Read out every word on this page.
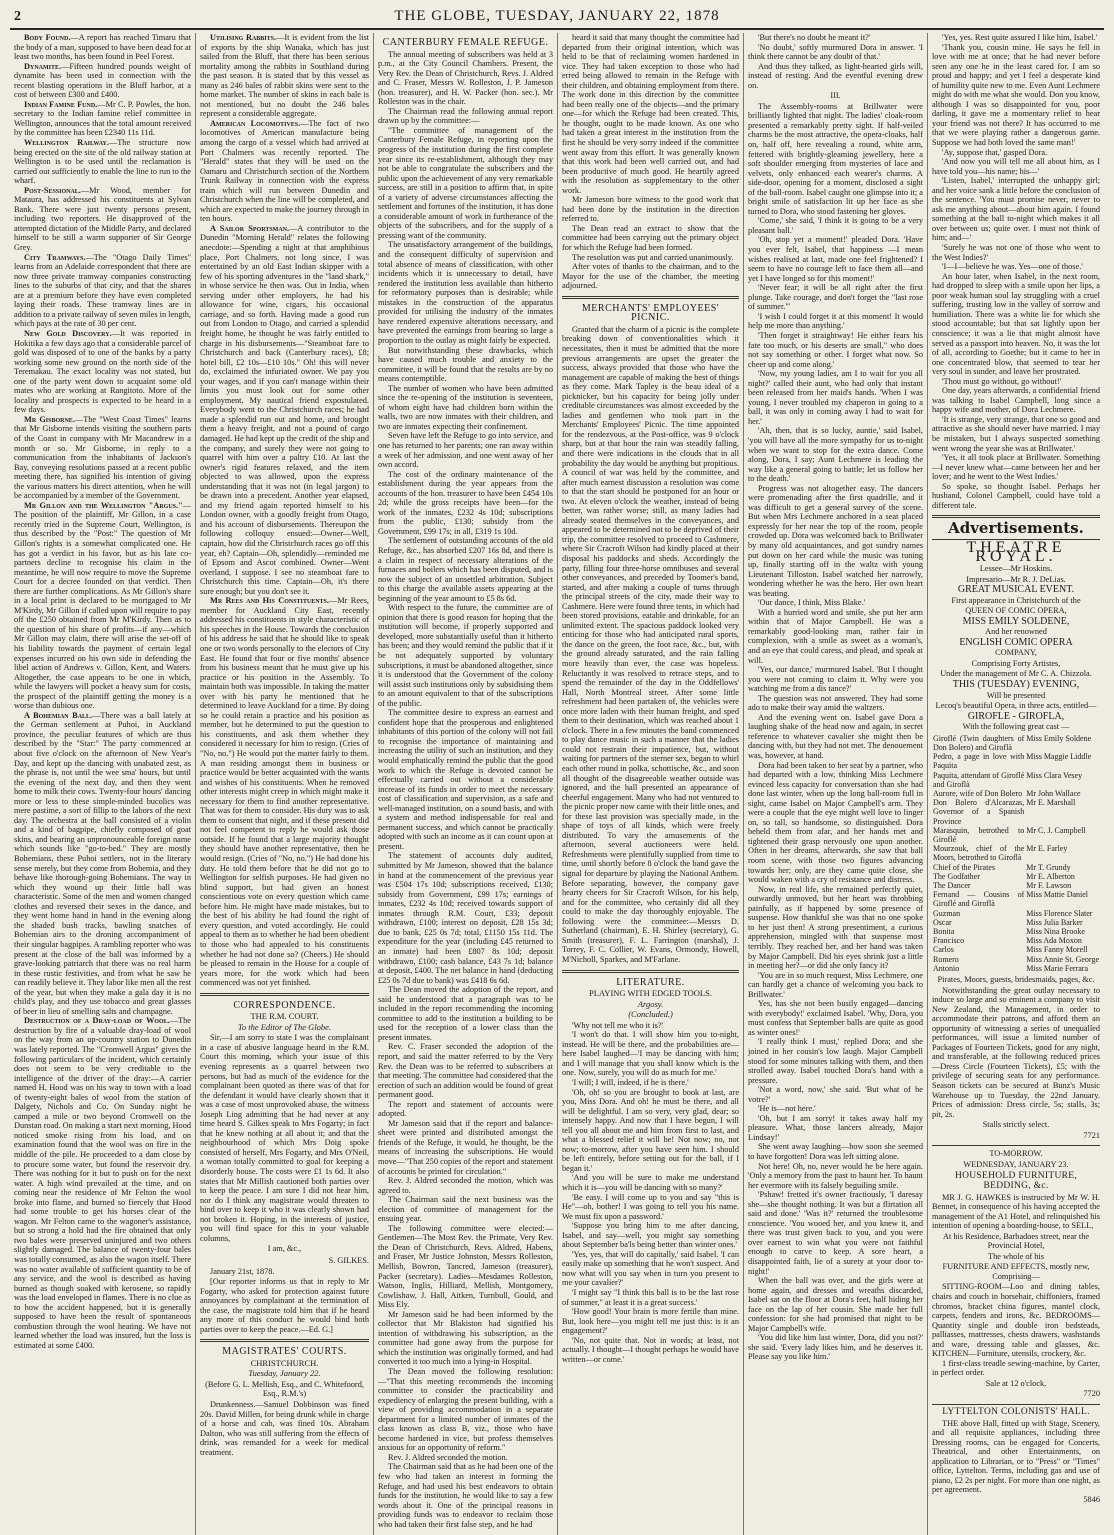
2	THE GLOBE, TUESDAY, JANUARY 22, 1878

Body Found.—A report has reached Timaru that the body of a man, supposed to have been dead for at least two months, has been found in Peel Forest.

Dynamite.—Fifteen hundred pounds weight of dynamite has been used in connection with the recent blasting operations in the Bluff harbor, at a cost of between £300 and £400.

Indian Famine Fund.—Mr C. P. Powles, the hon. secretary to the Indian famine relief committee in Wellington, announces that the total amount received by the committee has been £2340 11s 11d.

Wellington Railway.—The structure now being erected on the site of the old railway station at Wellington is to be used until the reclamation is carried out sufficiently to enable the line to run to the wharf.

Post-Sessional.—Mr Wood, member for Mataura, has addressed his constituents at Sylvan Bank. There were just twenty persons present, including two reporters. He disapproved of the attempted dictation of the Middle Party, and declared himself to be still a warm supporter of Sir George Grey.

City Tramways.—The "Otago Daily Times" learns from an Adelaide correspondent that there are now three private tramway companies constructing lines to the suburbs of that city, and that the shares are at a premium before they have even completed laying their roads. These tramway lines are in addition to a private railway of seven miles in length, which pays at the rate of 30 per cent.

New Gold Discovery.—It was reported in Hokitika a few days ago that a considerable parcel of gold was disposed of to one of the banks by a party working some new ground on the north side of the Teremakau. The exact locality was not stated, but one of the party went down to acquaint some old mates who are working at Rangitoto. More of the locality and prospects is expected to be heard in a few days.

Mr Gisborne.—The "West Coast Times" learns that Mr Gisborne intends visiting the southern parts of the Coast in company with Mr Macandrew in a month or so. Mr Gisborne, in reply to a communication from the inhabitants of Jackson's Bay, conveying resolutions passed at a recent public meeting there, has signified his intention of giving the various matters his direct attention, when he will be accompanied by a member of the Government.

Mr Gillon and the Wellington "Argus."—The position of the plaintiff, Mr Gillon, in a case recently tried in the Supreme Court, Wellington, is thus described by the "Post:" The question of Mr Gillon's rights is a somewhat complicated one. He has got a verdict in his favor, but as his late co-partners decline to recognise his claim in the meantime, he will now require to move the Supreme Court for a decree founded on that verdict. Then there are further complications. As Mr Gillon's share in a local print is declared to be mortgaged to Mr M'Kirdy, Mr Gillon if called upon will require to pay off the £250 obtained from Mr M'Kirdy. Then as to the question of his share of profits—if any—which Mr Gillon may claim, there will arise the set-off of his liability towards the payment of certain legal expenses incurred on his own side in defending the libel action of Andrews v. Gillon, Kent, and Waters. Altogether, the case appears to be one in which, while the lawyers will pocket a heavy sum for costs, the prospect of the plaintiff getting the money is a worse than dubious one.

A Bohemian Ball.—There was a ball lately at the German settlement at Puhoi, in Auckland province, the peculiar features of which are thus described by the "Star:" The party commenced at about five o'clock on the afternoon of New Year's Day, and kept up the dancing with unabated zest, as the phrase is, not until the wee sma' hours, but until the evening of the next day, and then they went home to milk their cows. Twenty-four hours' dancing more or less to these simple-minded bucolics was mere pastime, a sort of fillip to the labors of the next day. The orchestra at the ball consisted of a violin and a kind of bagpipe, chiefly composed of goat skins, and bearing an unpronounceable foreign name which sounds like "go-to-bed." They are mostly Bohemians, these Puhoi settlers, not in the literary sense merely, but they come from Bohemia, and they behave like thorough-going Bohemians. The way in which they wound up their little ball was characteristic. Some of the men and women changed clothes and reversed their sexes in the dance, and they went home hand in hand in the evening along the shaded bush tracks, bawling snatches of Bohemian airs to the droning accompaniment of their singular bagpipes. A rambling reporter who was present at the close of the ball was informed by a grave-looking patriarch that there was no real harm in these rustic festivities, and from what he saw he can readily believe it. They labor like men all the rest of the year, but when they make a gala day it is no child's play, and they use tobacco and great glasses of beer in lieu of smelling salts and champagne.

Destruction of a Dray-load of Wool.—The destruction by fire of a valuable dray-load of wool on the way from an up-country station to Dunedin was lately reported. The "Cromwell Argus" gives the following particulars of the incident, which certainly does not seem to be very creditable to the intelligence of the driver of the dray:—A carrier named H. Hood was on his way to town with a load of twenty-eight bales of wool from the station of Dalgety, Nichols and Co. On Sunday night he camped a mile or two beyond Cromwell on the Dunstan road. On making a start next morning, Hood noticed smoke rising from his load, and on examination found that the wool was on fire in the middle of the pile. He proceeded to a dam close by to procure some water, but found the reservoir dry. There was nothing for it but to push on for the next water. A high wind prevailed at the time, and on coming near the residence of Mr Felton the wool broke into flame, and burned so fiercely that Hood had some trouble to get his horses clear of the wagon. Mr Felton came to the wagoner's assistance, but so strong a hold had the fire obtained that only two bales were preserved uninjured and two others slightly damaged. The balance of twenty-four bales was totally consumed, as also the wagon itself. There was no water available of sufficient quantity to be of any service, and the wool is described as having burned as though soaked with kerosene, so rapidly was the load enveloped in flames. There is no clue as to how the accident happened, but it is generally supposed to have been the result of spontaneous combustion through the wool heating. We have not learned whether the load was insured, but the loss is estimated at some £400.

Utilising Rabbits.—It is evident from the list of exports by the ship Wanaka, which has just sailed from the Bluff, that there has been serious mortality among the rabbits in Southland during the past season. It is stated that by this vessel as many as 246 bales of rabbit skins were sent to the home market. The number of skins in each bale is not mentioned, but no doubt the 246 bales represent a considerable aggregate.

American Locomotives.—The fact of two locomotives of American manufacture being among the cargo of a vessel which had arrived at Port Chalmers was recently reported. The "Herald" states that they will be used on the Oamaru and Christchurch section of the Northern Trunk Railway in connection with the express train which will run between Dunedin and Christchurch when the line will be completed, and which are expected to make the journey through in ten hours.

A Sailor Sportsman.—A contributor to the Dunedin "Morning Herald" relates the following anecdote:—Spending a night at that amphibious place, Port Chalmers, not long since, I was entertained by an old East Indian skipper with a few of his sporting adventures in the "land shark," in whose service he then was. Out in India, when serving under other employers, he had his allowance for wine, cigars, his occasional carriage, and so forth. Having made a good run out from London to Otago, and carried a splendid freight home, he thought he was fairly entitled to charge in his disbursements—"Steamboat fare to Christchurch and back (Canterbury races), £8; hotel bill, £2 10s—£10 10s." Oh! this will never do, exclaimed the infuriated owner. We pay you your wages, and if you can't manage within their limits you must look out for some other employment. My nautical friend expostulated. Everybody went to the Christchurch races; he had made a splendid run out and home, and brought them a heavy freight, and not a pound of cargo damaged. He had kept up the credit of the ship and the company, and surely they were not going to quarrel with him over a paltry £10. At last the owner's rigid features relaxed, and the item objected to was allowed, upon the express understanding that it was not (in legal jargon) to be drawn into a precedent. Another year elapsed, and my friend again reported himself to his London owner, with a goodly freight from Otago, and his account of disbursements. Thereupon the following colloquy ensued:—Owner—Well, captain, how did the Christchurch races go off this year, eh? Captain—Oh, splendidly—reminded me of Epsom and Ascot combined. Owner—Went overland, I suppose. I see no steamboat fare to Christchurch this time. Captain—Oh, it's there sure enough; but you don't see it.

Mr Rees and His Constituents.—Mr Rees, member for Auckland City East, recently addressed his constituents in style characteristic of his speeches in the House. Towards the conclusion of his address he said that he should like to speak one or two words personally to the electors of City East. He found that four or five months' absence from his business meant that he must give up his practice or his position in the Assembly. To maintain both was impossible. In taking the matter over with his party he mentioned that he determined to leave Auckland for a time. By doing so he could retain a practice and his position as member, but he determined to put the question to his constituents, and ask them whether they considered it necessary for him to resign. (Cries of "No, no.") He would put the matter fairly to them. A man residing amongst them in business or practice would be better acquainted with the wants and wishes of his constituents. When he removed other interests might creep in which might make it necessary for them to find another representative. That was for them to consider. His duty was to ask them to consent that night, and if these present did not feel competent to reply he would ask those outside. If he found that a large majority thought they should have another representative, then he would resign. (Cries of "No, no.") He had done his duty. He told them before that he did not go to Wellington for selfish purposes. He had given no blind support, but had given an honest conscientious vote on every question which came before him. He might have made mistakes, but to the best of his ability he had found the right of every question, and voted accordingly. He could appeal to them as to whether he had been obedient to those who had appealed to his constituents whether he had not done so? (Cheers.) He should be pleased to remain in the House for a couple of years more, for the work which had been commenced was not yet finished.

CORRESPONDENCE.
THE R.M. COURT.
To the Editor of The Globe.

Sir,—I am sorry to state I was the complainant in a case of abusive language heard in the R.M. Court this morning, which your issue of this evening represents as a quarrel between two persons, but had as much of the evidence for the complainant been quoted as there was of that for the defendant it would have clearly shown that it was a case of most unprovoked abuse, the witness Joseph Ling admitting that he had never at any time heard S. Gilkes speak to Mrs Fogarty; in fact that he knew nothing at all about it; and that the neighbourhood of which Mrs Doig spoke consisted of herself, Mrs Fogarty, and Mrs O'Neil, a woman totally committed to goal for keeping a disorderly house. The costs were £1 1s 6d. It also states that Mr Millish cautioned both parties over to keep the peace. I am sure I did not hear him, nor do I think any magistrate would threaten to bind over to keep it who it was clearly shown had not broken it. Hoping, in the interests of justice, you will find space for this in your valuable columns,

I am, &c.,
S. GILKES.

January 21st, 1878.

[Our reporter informs us that in reply to Mr Fogarty, who asked for protection against future annoyances by complainant at the termination of the case, the magistrate told him that if he heard any more of this conduct he would bind both parties over to keep the peace.—Ed. G.]

MAGISTRATES' COURTS.
CHRISTCHURCH.
Tuesday, January 22.
(Before G. L. Mellish, Esq., and C. Whitefoord, Esq., R.M.'s)

Drunkenness.—Samuel Dobbinson was fined 20s. David Millen, for being drunk while in charge of a horse and cab, was fined 10s. Abraham Dalton, who was still suffering from the effects of drink, was remanded for a week for medical treatment.

CANTERBURY FEMALE REFUGE.

The annual meeting of subscribers was held at 3 p.m., at the City Council Chambers. Present, the Very Rev. the Dean of Christchurch, Revs. J. Aldred and C. Fraser, Messrs W. Rolleston, J. P. Jameson (hon. treasurer), and H. W. Packer (hon. sec.). Mr Rolleston was in the chair.

The Chairman read the following annual report drawn up by the committee:—

"The committee of management of the Canterbury Female Refuge, in reporting upon the progress of the institution during the first complete year since its re-establishment, although they may not be able to congratulate the subscribers and the public upon the achievement of any very remarkable success, are still in a position to affirm that, in spite of a variety of adverse circumstances affecting the settlement and fortunes of the institution, it has done a considerable amount of work in furtherance of the objects of the subscribers, and for the supply of a pressing want of the community.

The unsatisfactory arrangement of the buildings, and the consequent difficulty of supervision and total absence of means of classification, with other incidents which it is unnecessary to detail, have rendered the institution less available than hitherto for reformatory purposes than is desirable; while mistakes in the construction of the apparatus provided for utilising the industry of the inmates have rendered expensive alterations necessary, and have prevented the earnings from bearing so large a proportion to the outlay as might fairly be expected.

But notwithstanding these drawbacks, which have caused much trouble and anxiety to the committee, it will be found that the results are by no means contemptible.

The number of women who have been admitted since the re-opening of the institution is seventeen, of whom eight have had children born within the walls, two are now inmates with their children, and two are inmates expecting their confinement.

Seven have left the Refuge to go into service, and one has returned to her parents; one ran away within a week of her admission, and one went away of her own accord.

The cost of the ordinary maintenance of the establishment during the year appears from the accounts of the hon. treasurer to have been £454 10s 2d; while the gross receipts have been—for the work of the inmates, £232 4s 10d; subscriptions from the public, £130; subsidy from the Government, £99 17s; in all, £319 1s 10d.

The settlement of outstanding accounts of the old Refuge, &c., has absorbed £207 16s 8d, and there is a claim in respect of necessary alterations of the furnaces and boilers which has been disputed, and is now the subject of an unsettled arbitration. Subject to this charge the available assets appearing at the beginning of the year amount to £5 8s 6d.

With respect to the future, the committee are of opinion that there is good reason for hoping that the institution will become, if properly supported and developed, more substantially useful than it hitherto has been; and they would remind the public that if it be not adequately supported by voluntary subscriptions, it must be abandoned altogether, since it is understood that the Government of the colony will assist such institutions only by subsidising them to an amount equivalent to that of the subscriptions of the public.

The committee desire to express an earnest and confident hope that the prosperous and enlightened inhabitants of this portion of the colony will not fail to recognise the importance of maintaining and increasing the utility of such an institution, and they would emphatically remind the public that the good work to which the Refuge is devoted cannot be effectually carried out without a considerable increase of its funds in order to meet the necessary cost of classification and supervision, as a safe and well-managed institution, on a sound basis, and with a system and method indispensable for real and permanent success, and which cannot be practically adopted with such an income as it can count upon at present.

The statement of accounts duly audited, submitted by Mr Jameson, showed that the balance in hand at the commencement of the previous year was £504 17s 10d; subscriptions received, £130; subsidy from Government, £99 17s; earnings of inmates, £232 4s 10d; received towards support of inmates through R.M. Court, £33; deposit withdrawn, £100; interest on deposit, £28 15s 3d; due to bank, £25 0s 7d; total, £1150 15s 11d. The expenditure for the year (including £45 returned to an inmate) had been £807 8s 10d; deposit withdrawn, £100; cash balance, £43 7s 1d; balance at deposit, £400. The net balance in hand (deducting £25 0s 7d due to bank) was £418 6s 6d.

The Dean moved the adoption of the report, and said he understood that a paragraph was to be included in the report recommending the incoming committee to add to the institution a building to be used for the reception of a lower class than the present inmates.

Rev. C. Fraser seconded the adoption of the report, and said the matter referred to by the Very Rev. the Dean was to be referred to subscribers at that meeting. The committee had considered that the erection of such an addition would be found of great permanent good.

The report and statement of accounts were adopted.

Mr Jameson said that if the report and balance-sheet were printed and distributed amongst the friends of the Refuge, it would, he thought, be the means of increasing the subscriptions. He would move—"That 250 copies of the report and statement of accounts be printed for circulation."

Rev. J. Aldred seconded the motion, which was agreed to.

The Chairman said the next business was the election of committee of management for the ensuing year.

The following committee were elected:—Gentlemen—The Most Rev. the Primate, Very Rev. the Dean of Christchurch, Revs. Aldred, Habens, and Fraser, Mr Justice Johnston, Messrs Rolleston, Mellish, Bowron, Tancred, Jameson (treasurer), Packer (secretary). Ladies—Mesdames Rolleston, Watson, Inglis, Hilliard, Mellish, Montgomery, Cowlishaw, J. Hall, Aitken, Turnbull, Gould, and Miss Ely.

Mr Jameson said he had been informed by the collector that Mr Blakiston had signified his intention of withdrawing his subscription, as the committee had gone away from the purpose for which the institution was originally formed, and had converted it too much into a lying-in Hospital.

The Dean moved the following resolution:—"That this meeting recommends the incoming committee to consider the practicability and expediency of enlarging the present building, with a view of providing accommodation in a separate department for a limited number of inmates of the class known as class B, viz., those who have become hardened in vice, but profess themselves anxious for an opportunity of reform."

Rev. J. Aldred seconded the motion.

The Chairman said that as he had been one of the few who had taken an interest in forming the Refuge, and had used his best endeavors to obtain funds for the institution, he would like to say a few words about it. One of the principal reasons in providing funds was to endeavor to reclaim those who had taken their first false step, and he had

heard it said that many thought the committee had departed from their original intention, which was held to be that of reclaiming women hardened in vice. They had taken exception to those who had erred being allowed to remain in the Refuge with their children, and obtaining employment from there. The work done in this direction by the committee had been really one of the objects—and the primary one—for which the Refuge had been created. This, he thought, ought to be made known. As one who had taken a great interest in the institution from the first he should be very sorry indeed if the committee went away from this effort. It was generally known that this work had been well carried out, and had been productive of much good. He heartily agreed with the resolution as supplementary to the other work.

Mr Jameson bore witness to the good work that had been done by the institution in the direction referred to.

The Dean read an extract to show that the committee had been carrying out the primary object for which the Refuge had been formed.

The resolution was put and carried unanimously.

After votes of thanks to the chairman, and to the Mayor for the use of the chamber, the meeting adjourned.

MERCHANTS' EMPLOYEES' PICNIC.

Granted that the charm of a picnic is the complete breaking down of conventionalities which it necessitates, then it must be admitted that the more previous arrangements are upset the greater the success, always provided that those who have the management are capable of making the best of things as they come. Mark Tapley is the beau ideal of a picknicker, but his capacity for being jolly under creditable circumstances was almost exceeded by the ladies and gentlemen who took part in the Merchants' Employees' Picnic. The time appointed for the rendezvous, at the Post-office, was 9 o'clock sharp, but at that hour the rain was steadily falling, and there were indications in the clouds that in all probability the day would be anything but propitious. A council of war was held by the committee, and after much earnest discussion a resolution was come to that the start should be postponed for an hour or two. At eleven o'clock the weather, instead of being better, was rather worse; still, as many ladies had already seated themselves in the conveyances, and appeared to be determined not to be deprived of their trip, the committee resolved to proceed to Cashmere, where Sir Cracroft Wilson had kindly placed at their disposal his paddocks and sheds. Accordingly the party, filling four three-horse omnibuses and several other conveyances, and preceded by Toomer's band, started, and after making a couple of turns through the principal streets of the city, made their way to Cashmere. Here were found three tents, in which had been stored provisions, eatable and drinkable, for an unlimited extent. The spacious paddock looked very enticing for those who had anticipated rural sports, the dance on the green, the foot race, &c., but, with the ground already saturated, and the rain falling more heavily than ever, the case was hopeless. Reluctantly it was resolved to retrace steps, and to spend the remainder of the day in the Oddfellows' Hall, North Montreal street. After some little refreshment had been partaken of, the vehicles were once more laden with their human freight, and sped them to their destination, which was reached about 1 o'clock. There in a few minutes the band commenced to play dance music in such a manner that the ladies could not restrain their impatience, but, without waiting for partners of the sterner sex, began to whirl each other round in polka, schottische, &c., and soon all thought of the disagreeable weather outside was ignored, and the hall presented an appearance of cheerful engagement. Many who had not ventured to the picnic proper now came with their little ones, and for these last provision was specially made, in the shape of toys of all kinds, which were freely distributed. To vary the amusements of the afternoon, several auctioneers were held. Refreshments were plentifully supplied from time to time, until shortly before 8 o'clock the band gave the signal for departure by playing the National Anthem. Before separating, however, the company gave hearty cheers for Sir Cracroft Wilson, for his help, and for the committee, who certainly did all they could to make the day thoroughly enjoyable. The following were the committee:—Messrs D. Sutherland (chairman), E. H. Shirley (secretary), G. Smith (treasurer), F. L. Farrington (marshal), J. Torrey, F. C. Collier, W. Evans, Ormondy, Howell, M'Nicholl, Sparkes, and M'Farlane.

LITERATURE.
PLAYING WITH EDGED TOOLS.
Argosy.
(Concluded.)

'Why not tell me who it is?'

'I won't do that. I will show him you to-night, instead. He will be there, and the probabilities are—here Isabel laughed—'I may be dancing with him; and I will manage that you shall know which is the one. Now, surely, you will do as much for me.'

'I will; I will, indeed, if he is there.'

'Oh, oh! so you are brought to book at last, are you, Miss Dora. And oh! he must be there, and all will be delightful. I am so very, very glad, dear; so intensely happy. And now that I have begun, I will tell you all about me and him from first to last, and what a blessed relief it will be! Not now; no, not now; to-morrow, after you have seen him. I should be left entirely, before setting out for the ball, if I began it.'

'And you will be sure to make me understand which it is—you will be dancing with so many?'

'Be easy. I will come up to you and say "this is He"—oh, bother! I was going to tell you his name. We must fix upon a password.'

'Suppose you bring him to me after dancing, Isabel, and say—well, you might say something about September ba'ls being better than winter ones.'

'Yes, yes, that will do capitally,' said Isabel. 'I can easily make up something that he won't suspect. And now what will you say when in turn you present to me your cavalier?'

'I might say "I think this ball is to be the last rose of summer," at least it is a great success.'

'How good! Your brain is more fertile than mine. But, look here—you might tell me just this: is it an engagement?'

'No, not quite that. Not in words; at least, not actually. I thought—I thought perhaps he would have written—or come.'

'But there's no doubt he meant it?'

'No doubt,' softly murmured Dora in answer. 'I think there cannot be any doubt of that.'

And thus they talked, as light-hearted girls will, instead of resting. And the eventful evening drew on.

III.

The Assembly-rooms at Brillwater were brilliantly lighted that night. The ladies' cloak-room presented a remarkably pretty sight. If half-veiled charms be the most attractive, the opera-cloaks, half on, half off, here revealing a round, white arm, fettered with brightly-gleaming jewellery, here a soft shoulder emerging from mysteries of lace and velvets, only enhanced each wearer's charms. A side-door, opening for a moment, disclosed a sight of the ball-room. Isabel caught one glimpse into it; a bright smile of satisfaction lit up her face as she turned to Dora, who stood fastening her gloves.

'Come,' she said, 'I think it is going to be a very pleasant ball.'

'Oh, stop yet a moment!' pleaded Dora. 'Have you ever felt, Isabel, that happiness —I mean wishes realised at last, made one feel frightened? I seem to have no courage left to face them all—and yet I have longed so for this moment!'

'Never fear; it will be all right after the first plunge. Take courage, and don't forget the "last rose of summer."'

'I wish I could forget it at this moment! It would help me more than anything.'

'Then forget it straightway! He either fears his fate too much, or his deserts are small," who does not say something or other. I forget what now. So cheer up and come along.'

'Now, my young ladies, am I to wait for you all night?' called their aunt, who had only that instant been released from her maid's hands. 'When I was young, I never troubled my chaperon in going to a ball, it was only in coming away I had to wait for her.'

'Ah, then, that is so lucky, auntie,' said Isabel, 'you will have all the more sympathy for us to-night when we want to stop for the extra dance. Come along, Dora, I say; Aunt Lechmere is leading the way like a general going to battle; let us follow her to the death.'

Progress was not altogether easy. The dancers were promenading after the first quadrille, and it was difficult to get a general survey of the scene. But when Mrs Lechmere anchored in a seat placed expressly for her near the top of the room, people crowded up. Dora was welcomed back to Brillwater by many old acquaintances, and got sundry names put down on her card while the music was tuning up, finally starting off in the waltz with young Lieutenant Tilloston. Isabel watched her narrowly, wondering whether he was the hero. Her own heart was beating.

'Our dance, I think, Miss Blake.'

With a hurried word and smile, she put her arm within that of Major Campbell. He was a remarkably good-looking man, rather fair in complexion, with a smile as sweet as a woman's, and an eye that could caress, and plead, and speak at will.

'Yes, our dance,' murmured Isabel. 'But I thought you were not coming to claim it. Why were you watching me from a dis tance?'

The question was not answered. They had some ado to make their way amid the waltzers.

And the evening went on. Isabel gave Dora a laughing shake of the head now and again, in secret reference to whatever cavalier she might then be dancing with, but they had not met. The denouement was, however, at hand.

Dora had been taken to her seat by a partner, who had departed with a low, thinking Miss Lechmere evinced less capacity for conversation than she had done last winter, when up the long ball-room full in sight, came Isabel on Major Campbell's arm. They were a couple that the eye might well love to linger on, so tall, so handsome, so distinguished. Dora beheld them from afar, and her hands met and tightened their grasp nervously one upon another. Often in her dreams, afterwards, she saw that ball room scene, with those two figures advancing towards her; only, are they came quite close, she would waken with a cry of resistance and distress.

Now, in real life, she remained perfectly quiet, outwardly unmoved, but her heart was throbbing painfully, as if happened by some presence of suspense. How thankful she was that no one spoke to her just then! A strong presentiment, a curious apprehension, mingled with that suspense most terribly. They reached her, and her hand was taken by Major Campbell. Did his eyes shrink just a little in meeting her?—or did she only fancy it?

'You are in so much request, Miss Lechmere, one can hardly get a chance of welcoming you back to Brillwater.'

Yes, has she not been busily engaged—dancing with everybody!' exclaimed Isabel. 'Why, Dora, you must confess that September balls are quite as good as winter ones!'

'I really think I must,' replied Dora; and she joined in her cousin's low laugh. Major Campbell stood for some minutes talking with them, and then strolled away. Isabel touched Dora's hand with a pressure.

'Not a word, now,' she said. 'But what of he votre?'

'He is—not here.'

'Oh, but I am sorry! it takes away half my pleasure. What, those lancers already, Major Lindsay!'

She went away laughing—how soon she seemed to have forgotten! Dora was left sitting alone.

Not here! Oh, no, never would he be here again. 'Only a memory from the past to haunt her. To haunt her evermore with its falsely beguiling smile.

'Pshaw! fretted it's owner fractiously, 'I daresay she—she thought nothing. It was but a flirtation all said and done.' 'Was it?' returned the troublesome conscience. 'You wooed her, and you knew it, and there was trust given back to you, and you were over earnest to win what you were not faithful enough to carve to keep. A sore heart, a disappointed faith, lie of a surety at your door to-night!'

When the ball was over, and the girls were at home again, and dresses and wreaths discarded, Isabel sat on the floor at Dora's feet, half hiding her face on the lap of her cousin. She made her full confession: for she had promised that night to be Major Campbell's wife.

'You did like him last winter, Dora, did you not?' she said. 'Every lady likes him, and he deserves it. Please say you like him.'

'Yes, yes. Rest quite assured I like him, Isabel.'

'Thank you, cousin mine. He says he fell in love with me at once; that he had never before seen any one he in the least cared for. I am so proud and happy; and yet I feel a desperate kind of humility quite new to me. Even Aunt Lechmere might do with me what she would. Don you know, although I was so disappointed for you, poor darling, it gave me a momentary relief to hear your friend was not there? It has occurred to me that we were playing rather a dangerous game. Suppose we had both loved the same man!'

'Ay, suppose that,' gasped Dora.

'And now you will tell me all about him, as I have told you—his name; his—'

'Listen, Isabel,' interrupted the unhappy girl; and her voice sank a little before the conclusion of the sentence. 'You must promise never, never to ask me anything about—about him again. I found something at the ball to-night which makes it all over between us; quite over. I must not think of him; and—'

'Surely he was not one of those who went to the West Indies?'

'I—I—believe he was. Yes—one of those.'

An hour later, when Isabel, in the next room, had dropped to sleep with a smile upon her lips, a poor weak human soul lay struggling with a cruel suffering, trusting low in the valley of sorrow and humiliation. There was a white lie for which she stood accountable; but that sat lightly upon her conscience; it was a lie that might almost have served as a passport into heaven. No, it was the lot of all, according to Goethe; but it came to her in one concentrated blow, that seemed to tear her very soul in sunder, and leave her prostrated.

'Thou must go without, go without!'

One day, years afterwards, a confidential friend was talking to Isabel Campbell, long since a happy wife and mother, of Dora Lechmere.

'It is strange, very strange, that one so good and attractive as she should never have married. I may be mistaken, but I always suspected something went wrong the year she was at Brillwater.'

'Yes, it all took place at Brillwater. Something—I never knew what—came between her and her lover; and he went to the West Indies.'

So spoke, so thought Isabel. Perhaps her husband, Colonel Campbell, could have told a different tale.

Advertisements.
THEATRE ROYAL.
Lessee—Mr Hoskins.
Impresario—Mr R. J. DeLias.
GREAT MUSICAL EVENT.
First appearance in Christchurch of the
QUEEN OF COMIC OPERA,
MISS EMILY SOLDENE,
And her renowned
ENGLISH COMIC OPERA
COMPANY,
Comprising Forty Artistes,
Under the management of Mr C. A. Chizzola.
THIS (TUESDAY) EVENING,
Will be presented
Lecoq's beautiful Opera, in three acts, entitled—
GIROFLE - GIROFLA,
With the following great cast —
Giroflé (Twin daughters of Don Bolero) and Giroflà	Miss Emily Soldene
Pedro, a page in love with Paquita	Miss Maggie Liddle
Paquita, attendant of Giroflé and Giroflà	Miss Clara Vesey
Aurore, wife of Don Bolero	Mr John Wallace
Don Bolero d'Alcarazas, Governor of a Spanish Province	Mr E. Marshall
Marasquin, betrothed to Giroflé	Mr C. J. Campbell
Mourzouk, chief of the Moors, betrothed to Giroflà	Mr E. Farley
Chief of the Pirates	Mr T. Grundy
The Godfather	Mr E. Alberton
The Dancer	Mr F. Lawson
Fernand — Cousins of Giroflé and Giroflà	Miss Mattie Daniel
Guzman	Miss Florence Slater
Oscar	Miss Julia Barker
Bonita	Miss Nina Brooke
Francisco	Miss Ada Moxon
Carlos	Miss Fanny Morell
Romero	Miss Annie St. George
Antonio	Miss Marie Ferrara
Pirates, Moors, guests, bridesmaids, pages, &c.

Notwithstanding the great outlay necessary to induce so large and so eminent a company to visit New Zealand, the Management, in order to accommodate their patrons, and afford them an opportunity of witnessing a series of unequalled performances, will issue a limited number of Packages of Fourteen Tickets, good for any night, and transferable, at the following reduced prices—Dress Circle (Fourteen Tickets), £5; with the privilege of securing seats for any performance. Season tickets can be secured at Bunz's Music Warehouse up to Tuesday, the 22nd January. Prices of admission: Dress circle, 5s; stalls, 3s; pit, 2s.

Stalls strictly select.
7721
TO-MORROW.
WEDNESDAY, JANUARY 23.
HOUSEHOLD FURNITURE, BEDDING, &c.

MR J. G. HAWKES is instructed by Mr W. H. Bennet, in consequence of his having accepted the management of the A1 Hotel, and relinquished his intention of opening a boarding-house, to SELL,

At his Residence, Barbadoes street, near the Provincial Hotel,
The whole of his
FURNITURE AND EFFECTS, mostly new, Comprising—

SITTING-ROOM—Loo and dining tables, chairs and couch in horsehair, chiffoniers, framed chromos, bracket china figures, mantel clock, carpets, fenders and irons, &c. BEDROOMS—Quantity single and double iron bedsteads, palliasses, mattresses, chests drawers, washstands and ware, dressing table and glasses, &c. KITCHEN—Furniture, utensils, crockery, &c.

1 first-class treadle sewing-machine, by Carter, in perfect order.

Sale at 12 o'clock.
7720
LYTTELTON COLONISTS' HALL.

THE above Hall, fitted up with Stage, Scenery, and all requisite appliances, including three Dressing rooms, can be engaged for Concerts, Theatrical, and other Entertainments, on application to Librarian, or to "Press" or "Times" office, Lyttelton. Terms, including gas and use of piano, £2 2s per night. For more than one night, as per agreement.

5846
